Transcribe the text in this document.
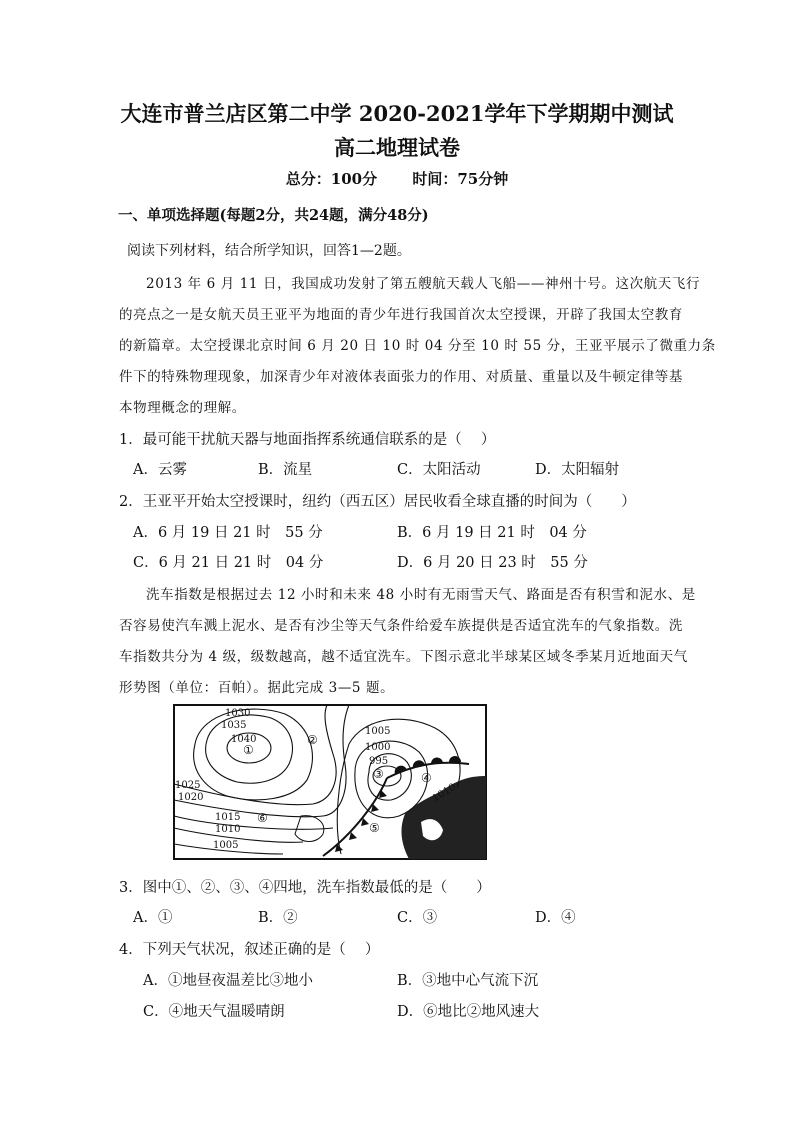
大连市普兰店区第二中学 2020-2021学年下学期期中测试
高二地理试卷
总分：100分　　 时间：75分钟
一、单项选择题(每题2分，共24题，满分48分)
阅读下列材料，结合所学知识，回答1—2题。
2013 年 6 月 11 日，我国成功发射了第五艘航天载人飞船——神州十号。这次航天飞行
的亮点之一是女航天员王亚平为地面的青少年进行我国首次太空授课，开辟了我国太空教育
的新篇章。太空授课北京时间 6 月 20 日 10 时 04 分至 10 时 55 分，王亚平展示了微重力条
件下的特殊物理现象，加深青少年对液体表面张力的作用、对质量、重量以及牛顿定律等基
本物理概念的理解。
1．最可能干扰航天器与地面指挥系统通信联系的是（　 ）
A．云雾	B．流星	C．太阳活动	D．太阳辐射
2．王亚平开始太空授课时，纽约（西五区）居民收看全球直播的时间为（　　）
A．6 月 19 日 21 时　55 分	B．6 月 19 日 21 时　04 分
C．6 月 21 日 21 时　04 分	D．6 月 20 日 23 时　55 分
洗车指数是根据过去 12 小时和未来 48 小时有无雨雪天气、路面是否有积雪和泥水、是
否容易使汽车溅上泥水、是否有沙尘等天气条件给爱车族提供是否适宜洗车的气象指数。洗
车指数共分为 4 级，级数越高，越不适宜洗车。下图示意北半球某区域冬季某月近地面天气
形势图（单位：百帕）。据此完成 3—5 题。
1030
1035
1040
1025
1020
1015
1010
1005
1005
1000
995
1010
①
②
③	④
⑤
⑥
3．图中①、②、③、④四地，洗车指数最低的是（　　）
A．①	B．②	C．③	D．④
4．下列天气状况，叙述正确的是（　 ）
A．①地昼夜温差比③地小	B．③地中心气流下沉
C．④地天气温暖晴朗	D．⑥地比②地风速大
